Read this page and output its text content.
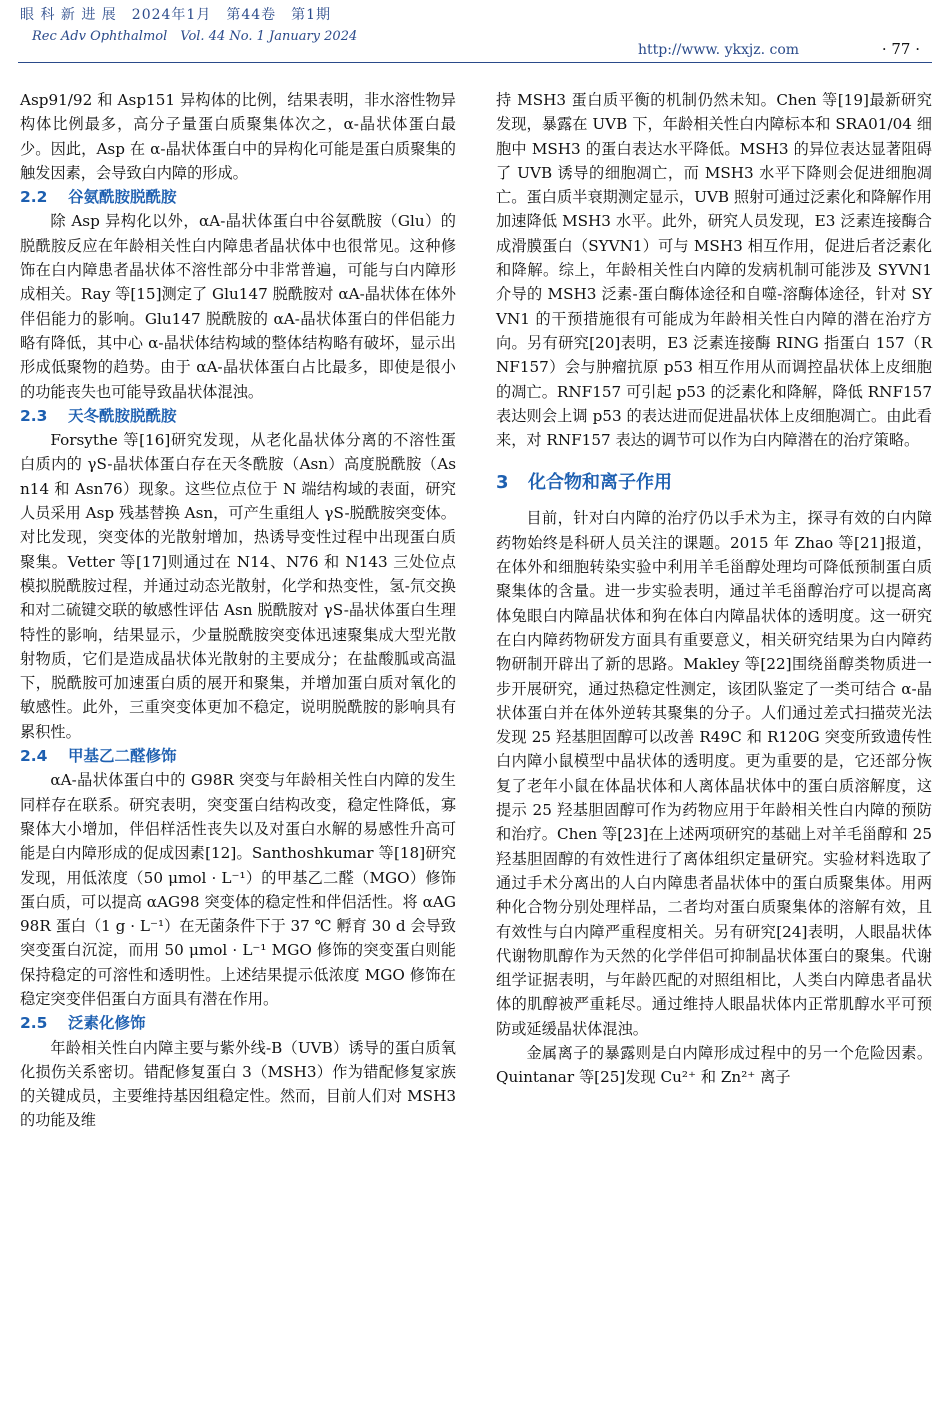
眼 科 新 进 展　2024年1月　第44卷　第1期
Rec Adv Ophthalmol　Vol. 44 No. 1 January 2024
http://www. ykxjz. com	· 77 ·

Asp91/92 和 Asp151 异构体的比例，结果表明，非水溶性物异构体比例最多，高分子量蛋白质聚集体次之，α-晶状体蛋白最少。因此，Asp 在 α-晶状体蛋白中的异构化可能是蛋白质聚集的触发因素，会导致白内障的形成。

2.2 谷氨酰胺脱酰胺

除 Asp 异构化以外，αA-晶状体蛋白中谷氨酰胺（Glu）的脱酰胺反应在年龄相关性白内障患者晶状体中也很常见。这种修饰在白内障患者晶状体不溶性部分中非常普遍，可能与白内障形成相关。Ray 等[15]测定了 Glu147 脱酰胺对 αA-晶状体在体外伴侣能力的影响。Glu147 脱酰胺的 αA-晶状体蛋白的伴侣能力略有降低，其中心 α-晶状体结构域的整体结构略有破坏，显示出形成低聚物的趋势。由于 αA-晶状体蛋白占比最多，即使是很小的功能丧失也可能导致晶状体混浊。

2.3 天冬酰胺脱酰胺

Forsythe 等[16]研究发现，从老化晶状体分离的不溶性蛋白质内的 γS-晶状体蛋白存在天冬酰胺（Asn）高度脱酰胺（Asn14 和 Asn76）现象。这些位点位于 N 端结构域的表面，研究人员采用 Asp 残基替换 Asn，可产生重组人 γS-脱酰胺突变体。对比发现，突变体的光散射增加，热诱导变性过程中出现蛋白质聚集。Vetter 等[17]则通过在 N14、N76 和 N143 三处位点模拟脱酰胺过程，并通过动态光散射，化学和热变性，氢-氘交换和对二硫键交联的敏感性评估 Asn 脱酰胺对 γS-晶状体蛋白生理特性的影响，结果显示，少量脱酰胺突变体迅速聚集成大型光散射物质，它们是造成晶状体光散射的主要成分；在盐酸胍或高温下，脱酰胺可加速蛋白质的展开和聚集，并增加蛋白质对氧化的敏感性。此外，三重突变体更加不稳定，说明脱酰胺的影响具有累积性。

2.4 甲基乙二醛修饰

αA-晶状体蛋白中的 G98R 突变与年龄相关性白内障的发生同样存在联系。研究表明，突变蛋白结构改变，稳定性降低，寡聚体大小增加，伴侣样活性丧失以及对蛋白水解的易感性升高可能是白内障形成的促成因素[12]。Santhoshkumar 等[18]研究发现，用低浓度（50 μmol · L⁻¹）的甲基乙二醛（MGO）修饰蛋白质，可以提高 αAG98 突变体的稳定性和伴侣活性。将 αAG98R 蛋白（1 g · L⁻¹）在无菌条件下于 37 ℃ 孵育 30 d 会导致突变蛋白沉淀，而用 50 μmol · L⁻¹ MGO 修饰的突变蛋白则能保持稳定的可溶性和透明性。上述结果提示低浓度 MGO 修饰在稳定突变伴侣蛋白方面具有潜在作用。

2.5 泛素化修饰

年龄相关性白内障主要与紫外线-B（UVB）诱导的蛋白质氧化损伤关系密切。错配修复蛋白 3（MSH3）作为错配修复家族的关键成员，主要维持基因组稳定性。然而，目前人们对 MSH3 的功能及维

持 MSH3 蛋白质平衡的机制仍然未知。Chen 等[19]最新研究发现，暴露在 UVB 下，年龄相关性白内障标本和 SRA01/04 细胞中 MSH3 的蛋白表达水平降低。MSH3 的异位表达显著阻碍了 UVB 诱导的细胞凋亡，而 MSH3 水平下降则会促进细胞凋亡。蛋白质半衰期测定显示，UVB 照射可通过泛素化和降解作用加速降低 MSH3 水平。此外，研究人员发现，E3 泛素连接酶合成滑膜蛋白（SYVN1）可与 MSH3 相互作用，促进后者泛素化和降解。综上，年龄相关性白内障的发病机制可能涉及 SYVN1 介导的 MSH3 泛素-蛋白酶体途径和自噬-溶酶体途径，针对 SYVN1 的干预措施很有可能成为年龄相关性白内障的潜在治疗方向。另有研究[20]表明，E3 泛素连接酶 RING 指蛋白 157（RNF157）会与肿瘤抗原 p53 相互作用从而调控晶状体上皮细胞的凋亡。RNF157 可引起 p53 的泛素化和降解，降低 RNF157 表达则会上调 p53 的表达进而促进晶状体上皮细胞凋亡。由此看来，对 RNF157 表达的调节可以作为白内障潜在的治疗策略。

3 化合物和离子作用

目前，针对白内障的治疗仍以手术为主，探寻有效的白内障药物始终是科研人员关注的课题。2015 年 Zhao 等[21]报道，在体外和细胞转染实验中利用羊毛甾醇处理均可降低预制蛋白质聚集体的含量。进一步实验表明，通过羊毛甾醇治疗可以提高离体兔眼白内障晶状体和狗在体白内障晶状体的透明度。这一研究在白内障药物研发方面具有重要意义，相关研究结果为白内障药物研制开辟出了新的思路。Makley 等[22]围绕甾醇类物质进一步开展研究，通过热稳定性测定，该团队鉴定了一类可结合 α-晶状体蛋白并在体外逆转其聚集的分子。人们通过差式扫描荧光法发现 25 羟基胆固醇可以改善 R49C 和 R120G 突变所致遗传性白内障小鼠模型中晶状体的透明度。更为重要的是，它还部分恢复了老年小鼠在体晶状体和人离体晶状体中的蛋白质溶解度，这提示 25 羟基胆固醇可作为药物应用于年龄相关性白内障的预防和治疗。Chen 等[23]在上述两项研究的基础上对羊毛甾醇和 25 羟基胆固醇的有效性进行了离体组织定量研究。实验材料选取了通过手术分离出的人白内障患者晶状体中的蛋白质聚集体。用两种化合物分别处理样品，二者均对蛋白质聚集体的溶解有效，且有效性与白内障严重程度相关。另有研究[24]表明，人眼晶状体代谢物肌醇作为天然的化学伴侣可抑制晶状体蛋白的聚集。代谢组学证据表明，与年龄匹配的对照组相比，人类白内障患者晶状体的肌醇被严重耗尽。通过维持人眼晶状体内正常肌醇水平可预防或延缓晶状体混浊。

金属离子的暴露则是白内障形成过程中的另一个危险因素。Quintanar 等[25]发现 Cu²⁺ 和 Zn²⁺ 离子
